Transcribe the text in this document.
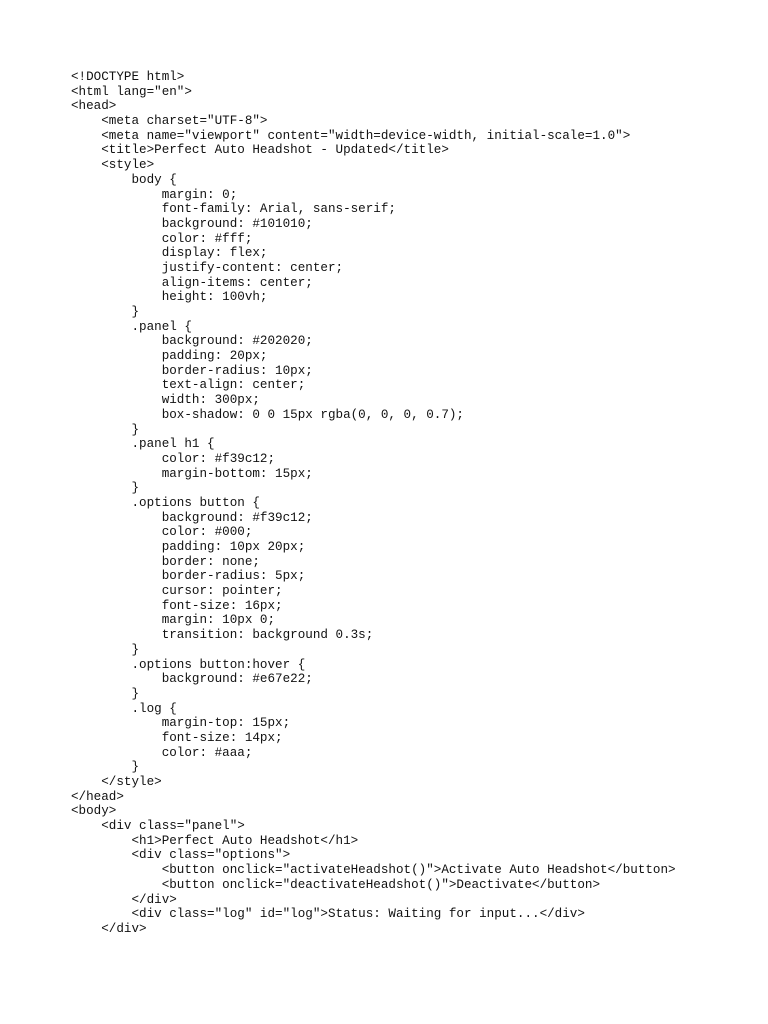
<!DOCTYPE html>
<html lang="en">
<head>
<meta charset="UTF-8">
<meta name="viewport" content="width=device-width, initial-scale=1.0">
<title>Perfect Auto Headshot - Updated</title>
<style>
body {
margin: 0;
font-family: Arial, sans-serif;
background: #101010;
color: #fff;
display: flex;
justify-content: center;
align-items: center;
height: 100vh;
}
.panel {
background: #202020;
padding: 20px;
border-radius: 10px;
text-align: center;
width: 300px;
box-shadow: 0 0 15px rgba(0, 0, 0, 0.7);
}
.panel h1 {
color: #f39c12;
margin-bottom: 15px;
}
.options button {
background: #f39c12;
color: #000;
padding: 10px 20px;
border: none;
border-radius: 5px;
cursor: pointer;
font-size: 16px;
margin: 10px 0;
transition: background 0.3s;
}
.options button:hover {
background: #e67e22;
}
.log {
margin-top: 15px;
font-size: 14px;
color: #aaa;
}
</style>
</head>
<body>
<div class="panel">
<h1>Perfect Auto Headshot</h1>
<div class="options">
<button onclick="activateHeadshot()">Activate Auto Headshot</button>
<button onclick="deactivateHeadshot()">Deactivate</button>
</div>
<div class="log" id="log">Status: Waiting for input...</div>
</div>
